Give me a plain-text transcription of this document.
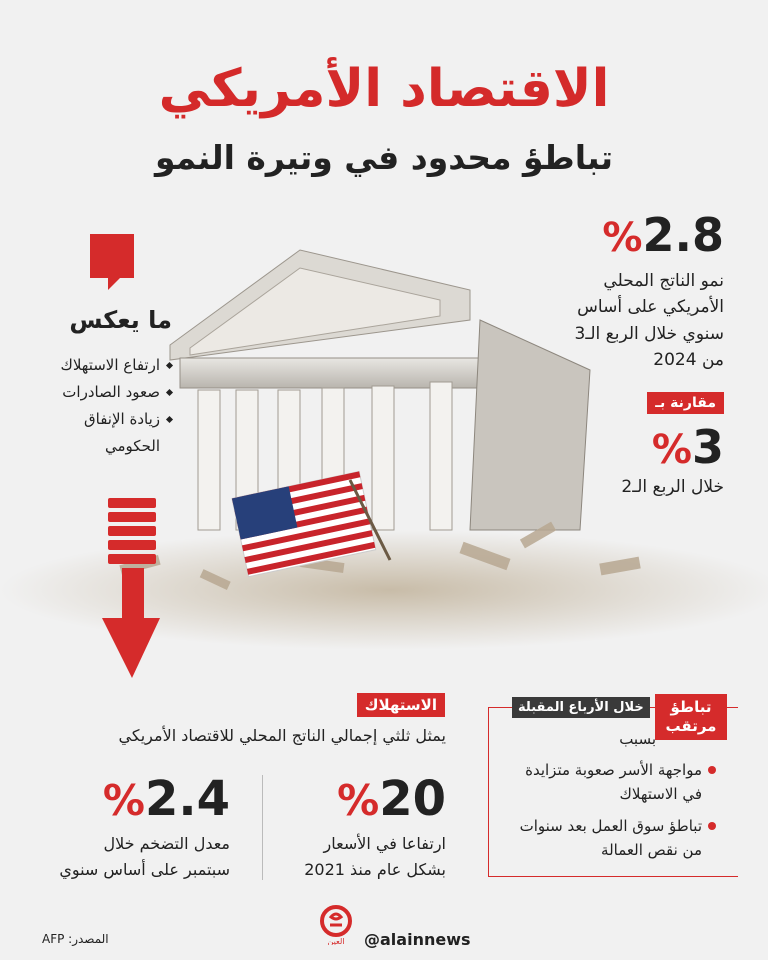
الاقتصاد الأمريكي
تباطؤ محدود في وتيرة النمو
%2.8
نمو الناتج المحلي
الأمريكي على أساس
سنوي خلال الربع الـ3
من 2024
مقارنة بـ
%3
خلال الربع الـ2
ما يعكس
ارتفاع الاستهلاك
صعود الصادرات
زيادة الإنفاق
الحكومي
الاستهلاك
يمثل ثلثي إجمالي الناتج المحلي للاقتصاد الأمريكي
%20
ارتفاعا في الأسعار
بشكل عام منذ 2021
%2.4
معدل التضخم خلال
سبتمبر على أساس سنوي
خلال الأرباع المقبلة	تباطؤ
مرتقب
بسبب
مواجهة الأسر صعوبة متزايدة في الاستهلاك
تباطؤ سوق العمل بعد سنوات من نقص العمالة
العين @alainnews
المصدر: AFP
